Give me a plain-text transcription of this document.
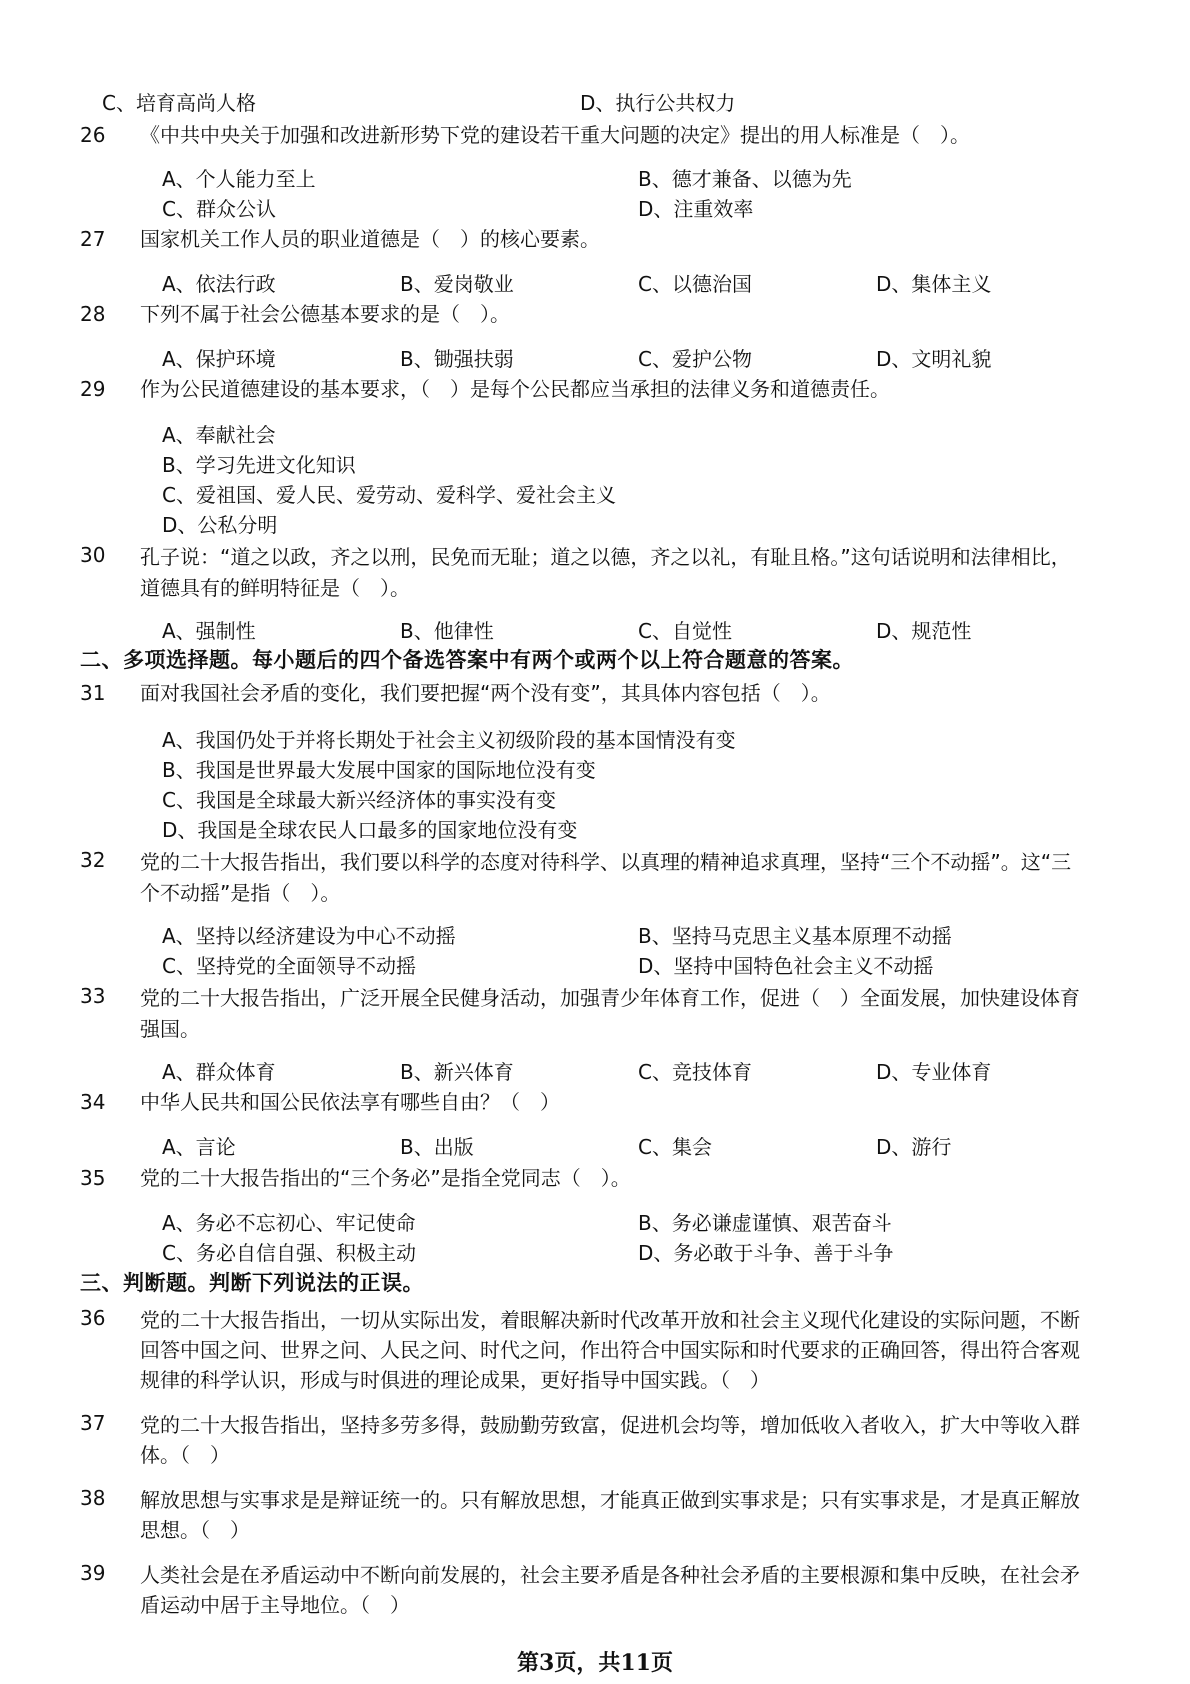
C、培育高尚人格	D、执行公共权力
26	《中共中央关于加强和改进新形势下党的建设若干重大问题的决定》提出的用人标准是（　）。
A、个人能力至上	B、德才兼备、以德为先
C、群众公认	D、注重效率
27	国家机关工作人员的职业道德是（　）的核心要素。
A、依法行政	B、爱岗敬业	C、以德治国	D、集体主义
28	下列不属于社会公德基本要求的是（　）。
A、保护环境	B、锄强扶弱	C、爱护公物	D、文明礼貌
29	作为公民道德建设的基本要求，（　）是每个公民都应当承担的法律义务和道德责任。
A、奉献社会
B、学习先进文化知识
C、爱祖国、爱人民、爱劳动、爱科学、爱社会主义
D、公私分明
30	孔子说：“道之以政，齐之以刑，民免而无耻；道之以德，齐之以礼，有耻且格。”这句话说明和法律相比，道德具有的鲜明特征是（　）。
A、强制性	B、他律性	C、自觉性	D、规范性
二、多项选择题。每小题后的四个备选答案中有两个或两个以上符合题意的答案。
31	面对我国社会矛盾的变化，我们要把握“两个没有变”，其具体内容包括（　）。
A、我国仍处于并将长期处于社会主义初级阶段的基本国情没有变
B、我国是世界最大发展中国家的国际地位没有变
C、我国是全球最大新兴经济体的事实没有变
D、我国是全球农民人口最多的国家地位没有变
32	党的二十大报告指出，我们要以科学的态度对待科学、以真理的精神追求真理，坚持“三个不动摇”。这“三个不动摇”是指（　）。
A、坚持以经济建设为中心不动摇	B、坚持马克思主义基本原理不动摇
C、坚持党的全面领导不动摇	D、坚持中国特色社会主义不动摇
33	党的二十大报告指出，广泛开展全民健身活动，加强青少年体育工作，促进（　）全面发展，加快建设体育强国。
A、群众体育	B、新兴体育	C、竞技体育	D、专业体育
34	中华人民共和国公民依法享有哪些自由？（　）
A、言论	B、出版	C、集会	D、游行
35	党的二十大报告指出的“三个务必”是指全党同志（　）。
A、务必不忘初心、牢记使命	B、务必谦虚谨慎、艰苦奋斗
C、务必自信自强、积极主动	D、务必敢于斗争、善于斗争
三、判断题。判断下列说法的正误。
36	党的二十大报告指出，一切从实际出发，着眼解决新时代改革开放和社会主义现代化建设的实际问题，不断回答中国之问、世界之问、人民之问、时代之问，作出符合中国实际和时代要求的正确回答，得出符合客观规律的科学认识，形成与时俱进的理论成果，更好指导中国实践。（　）
37	党的二十大报告指出，坚持多劳多得，鼓励勤劳致富，促进机会均等，增加低收入者收入，扩大中等收入群体。（　）
38	解放思想与实事求是是辩证统一的。只有解放思想，才能真正做到实事求是；只有实事求是，才是真正解放思想。（　）
39	人类社会是在矛盾运动中不断向前发展的，社会主要矛盾是各种社会矛盾的主要根源和集中反映，在社会矛盾运动中居于主导地位。（　）
第3页，共11页
